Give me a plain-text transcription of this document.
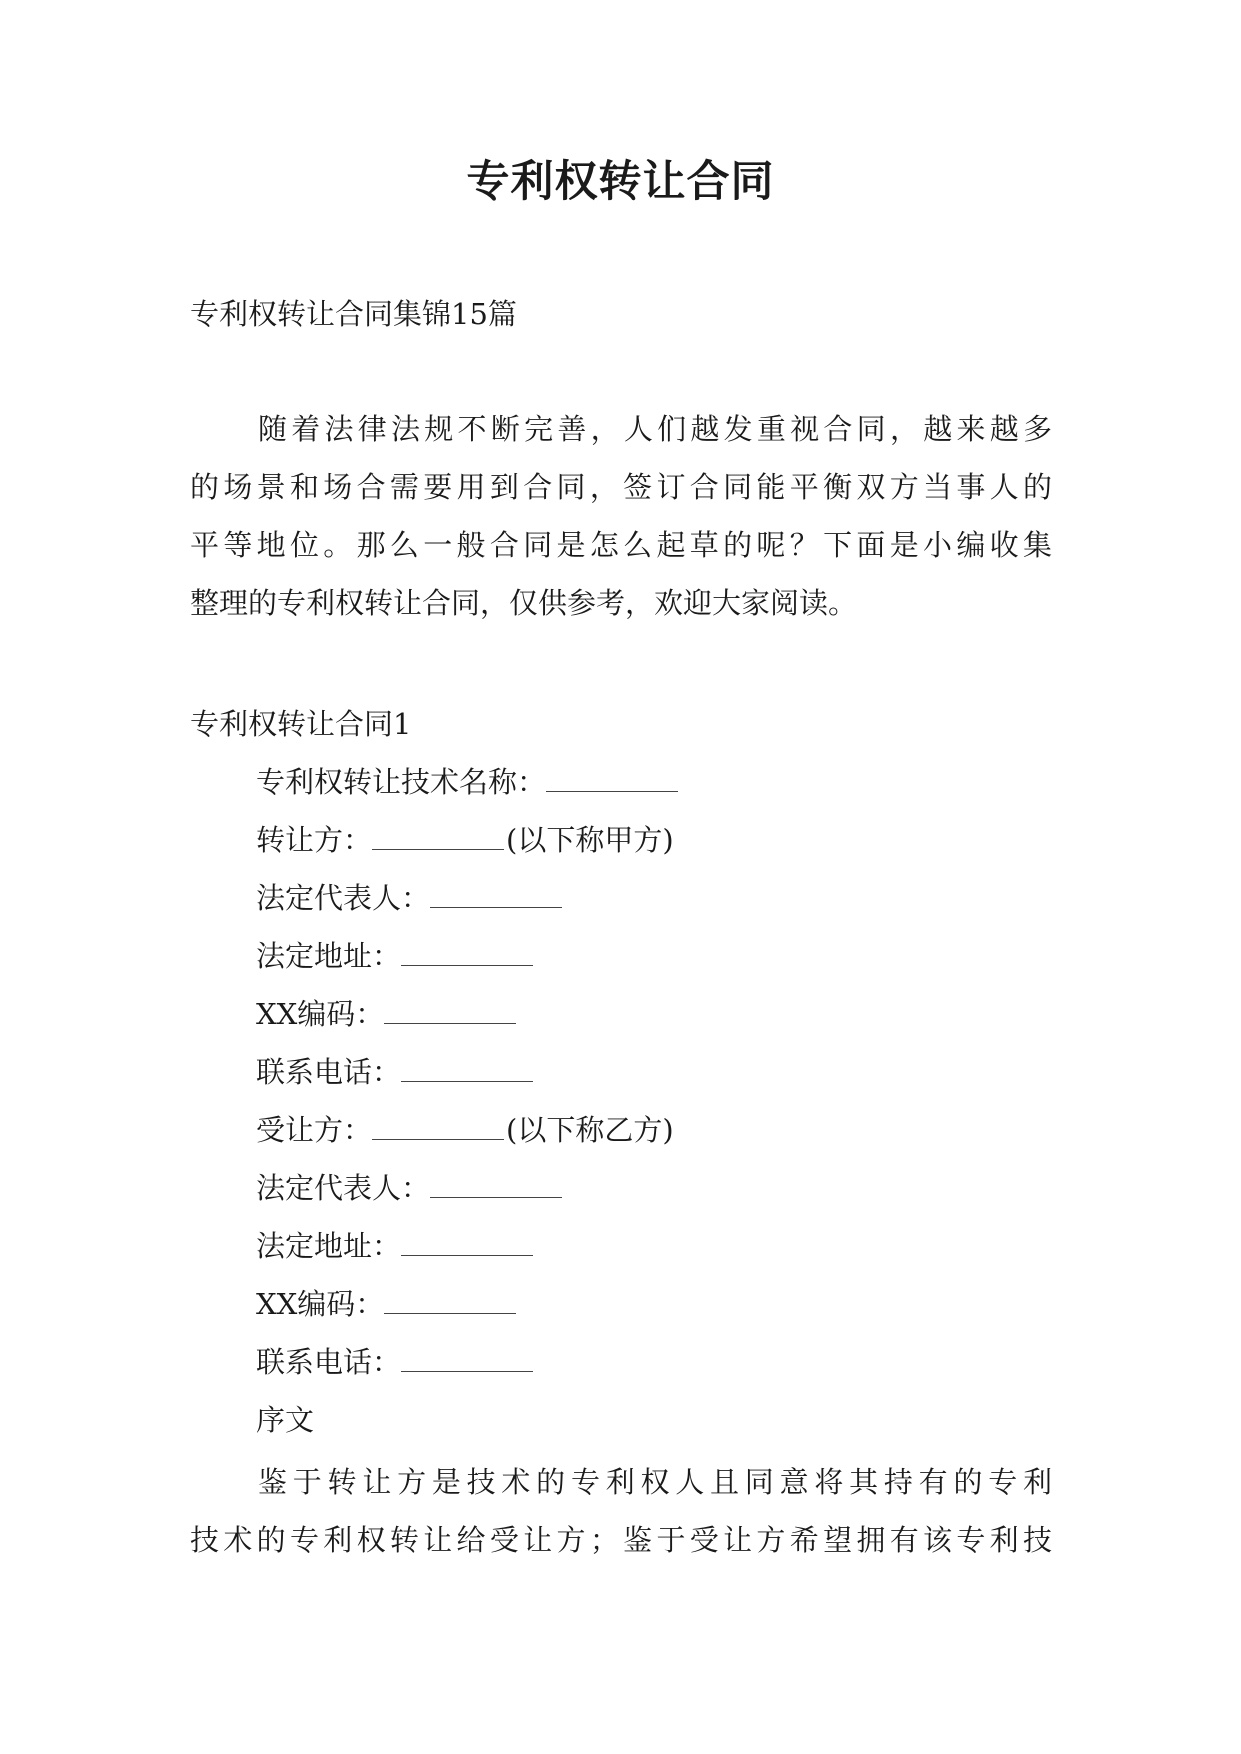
专利权转让合同
专利权转让合同集锦15篇
随着法律法规不断完善，人们越发重视合同，越来越多
的场景和场合需要用到合同，签订合同能平衡双方当事人的
平等地位。那么一般合同是怎么起草的呢？下面是小编收集
整理的专利权转让合同，仅供参考，欢迎大家阅读。
专利权转让合同1
专利权转让技术名称：
转让方：	(以下称甲方)
法定代表人：
法定地址：
XX编码：
联系电话：
受让方：	(以下称乙方)
法定代表人：
法定地址：
XX编码：
联系电话：
序文
鉴于转让方是技术的专利权人且同意将其持有的专利
技术的专利权转让给受让方；鉴于受让方希望拥有该专利技
